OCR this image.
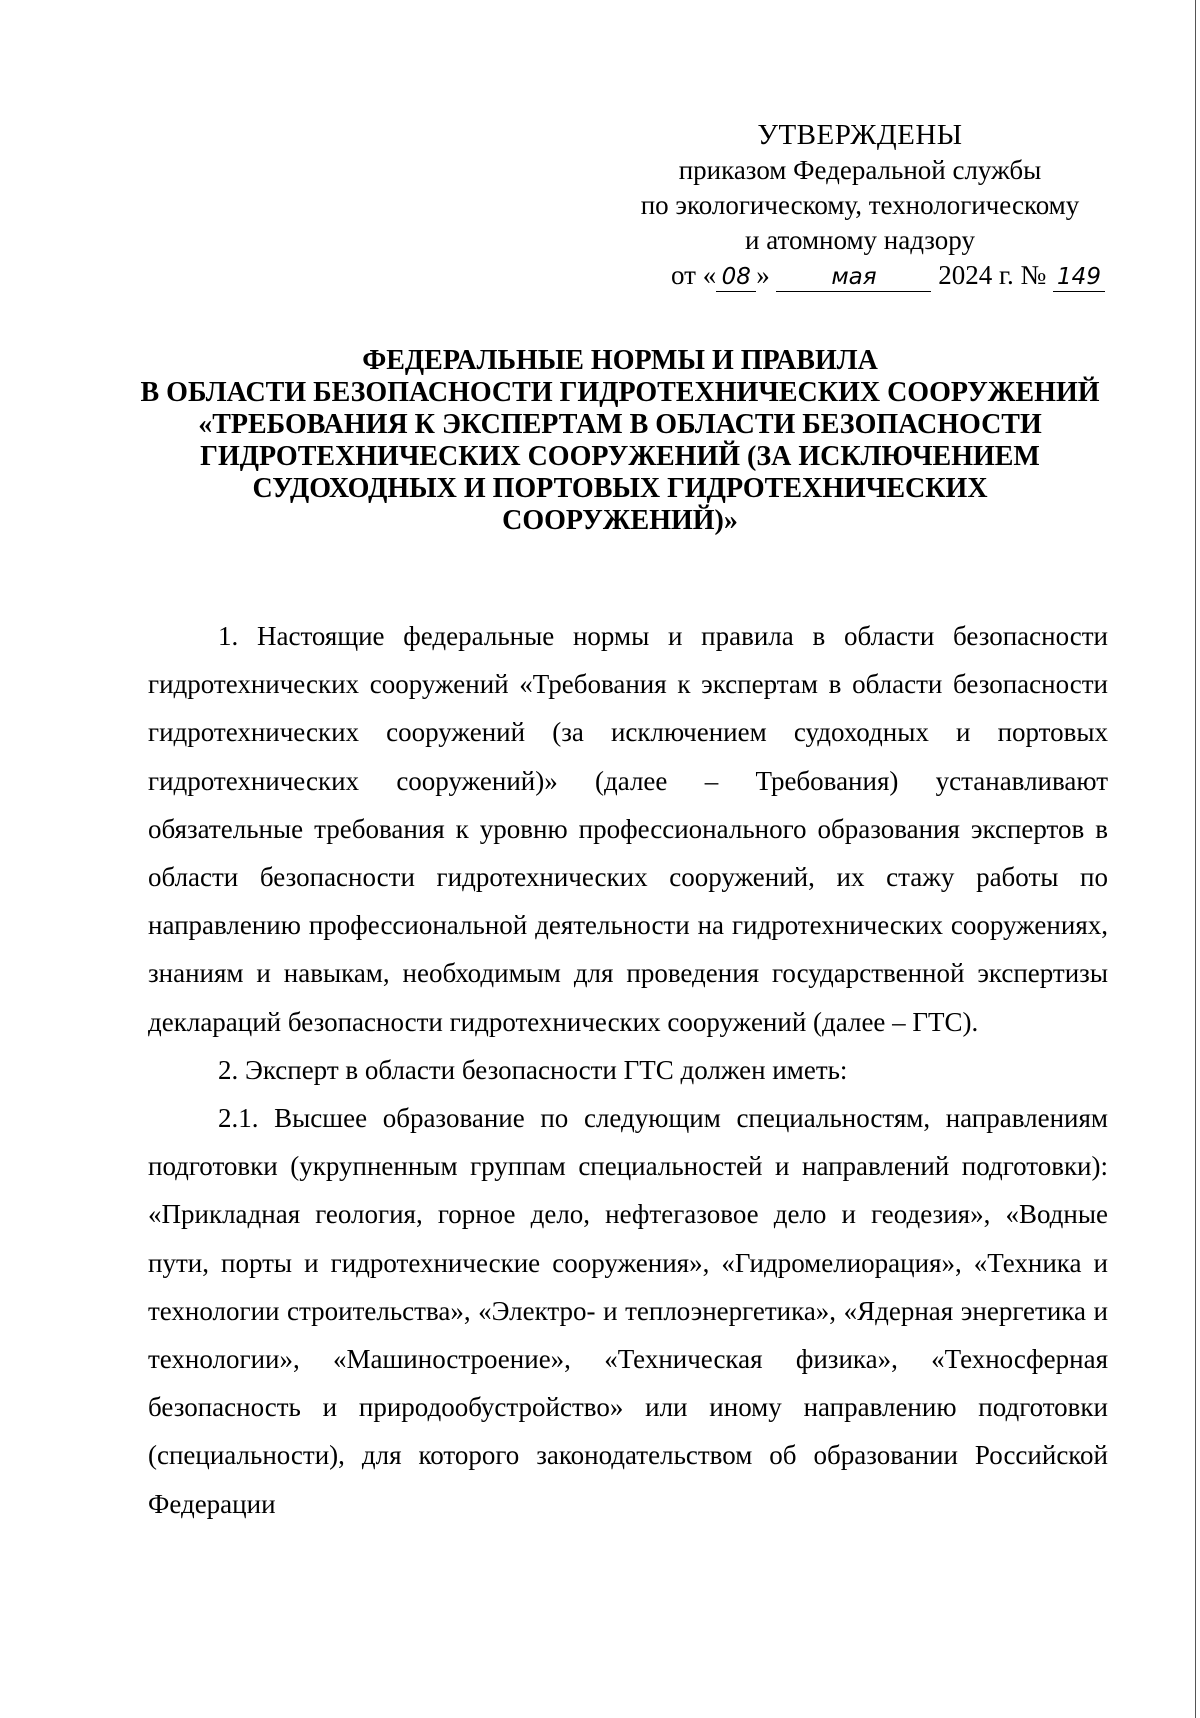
УТВЕРЖДЕНЫ
приказом Федеральной службы
по экологическому, технологическому
и атомному надзору
от « 08 »	мая 2024 г. № 149
ФЕДЕРАЛЬНЫЕ НОРМЫ И ПРАВИЛА
В ОБЛАСТИ БЕЗОПАСНОСТИ ГИДРОТЕХНИЧЕСКИХ СООРУЖЕНИЙ
«ТРЕБОВАНИЯ К ЭКСПЕРТАМ В ОБЛАСТИ БЕЗОПАСНОСТИ
ГИДРОТЕХНИЧЕСКИХ СООРУЖЕНИЙ (ЗА ИСКЛЮЧЕНИЕМ
СУДОХОДНЫХ И ПОРТОВЫХ ГИДРОТЕХНИЧЕСКИХ
СООРУЖЕНИЙ)»

1. Настоящие федеральные нормы и правила в области безопасности гидротехнических сооружений «Требования к экспертам в области безопасности гидротехнических сооружений (за исключением судоходных и портовых гидротехнических сооружений)» (далее – Требования) устанавливают обязательные требования к уровню профессионального образования экспертов в области безопасности гидротехнических сооружений, их стажу работы по направлению профессиональной деятельности на гидротехнических сооружениях, знаниям и навыкам, необходимым для проведения государственной экспертизы деклараций безопасности гидротехнических сооружений (далее – ГТС).

2. Эксперт в области безопасности ГТС должен иметь:

2.1. Высшее образование по следующим специальностям, направлениям подготовки (укрупненным группам специальностей и направлений подготовки): «Прикладная геология, горное дело, нефтегазовое дело и геодезия», «Водные пути, порты и гидротехнические сооружения», «Гидромелиорация», «Техника и технологии строительства», «Электро- и теплоэнергетика», «Ядерная энергетика и технологии», «Машиностроение», «Техническая физика», «Техносферная безопасность и природообустройство» или иному направлению подготовки (специальности), для которого законодательством об образовании Российской Федерации
